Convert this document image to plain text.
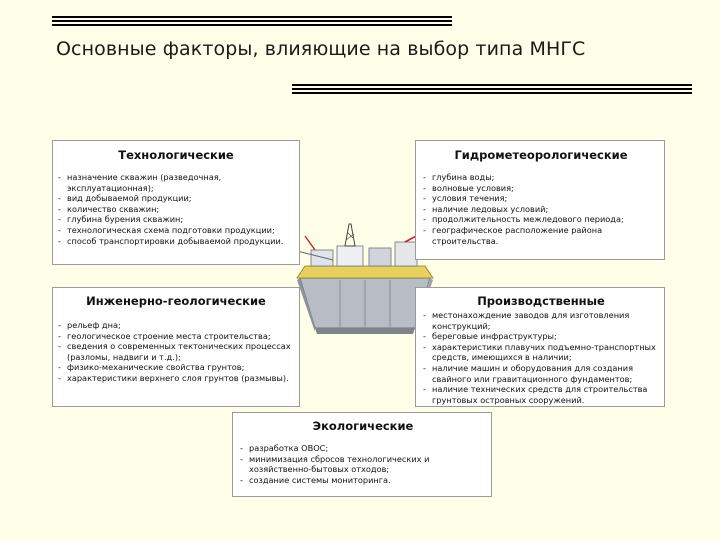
Основные факторы, влияющие на выбор типа МНГС
Технологические
- назначение скважин (разведочная, эксплуатационная);
- вид добываемой продукции;
- количество скважин;
- глубина бурения скважин;
- технологическая схема подготовки продукции;
- способ транспортировки добываемой продукции.
Гидрометеорологические
- глубина воды;
- волновые условия;
- условия течения;
- наличие ледовых условий;
- продолжительность межледового периода;
- географическое расположение района строительства.
Инженерно-геологические
- рельеф дна;
- геологическое строение места строительства;
- сведения о современных тектонических процессах (разломы, надвиги и т.д.);
- физико-механические свойства грунтов;
- характеристики верхнего слоя грунтов (размывы).
Производственные
- местонахождение заводов для изготовления конструкций;
- береговые инфраструктуры;
- характеристики плавучих подъемно-транспортных средств, имеющихся в наличии;
- наличие машин и оборудования для создания свайного или гравитационного фундаментов;
- наличие технических средств для строительства грунтовых островных сооружений.
Экологические
- разработка ОВОС;
- минимизация сбросов технологических и хозяйственно-бытовых отходов;
- создание системы мониторинга.
